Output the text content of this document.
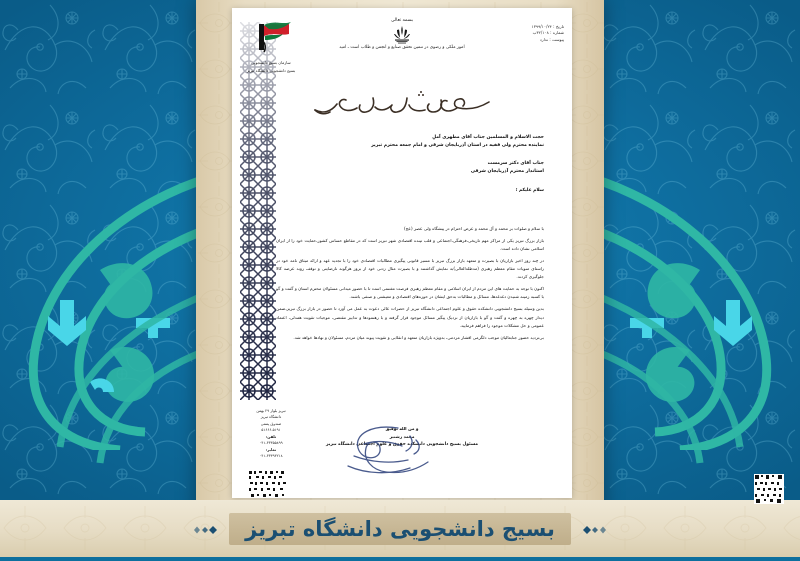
تاریخ : ۱۳۹۹/۱۰/۲۴
شماره : ۳۲/۱۰۸ب
پیوست : ندارد
بسمه تعالی
امور ملکی و رضوی در تنمین تحقق صنایع و انجمن و طلاب است ـ امید
حجت الاسلام و المسلمین جناب آقای مطهری آملِ
نماینده محترم ولی فقیه در استان آذربایجان شرقی و امام جمعه محترم تبریز
جناب آقای دکتر سرمست
استاندار محترم آذربایجان شرقی
سلام علیکم ؛

با سلام و صلوات بر محمد و آل محمد و عرض احترام در پیشگاه ولی عصر (عج)

بازار بزرگ تبریز یکی از مراکز مهم تاریخی،فرهنگی،اجتماعی و قلب تپنده اقتصادی شهر تبریز است که در مقاطع حساس کشور،حمایت خود را از ایران اسلامی نشان داده است.

در چند روز اخیر بازاریان با بصیرت و متعهد بازار بزرگ تبریز با مسیر قانونی پیگیری مطالبات اقتصادی خود را با تجدید عهد و ارائه میثاق نامه خود در راستای منویات مقام معظم رهبری (مدظله‌العالی)به نمایش گذاشتند و با بصیرت مثال زدنی خود از بروز هرگونه نارضایتی و توقف روند عرضه کالا جلوگیری کردند.

اکنون با توجه به حمایت های این مردم از ایران اسلامی و مقام معظم رهبری فرصت مغتنمی است تا با حضور میدانی مسئولان محترم استان و گفت و گو با کسبه زمینه شنیدن دغدغه‌ها، مسائل و مطالبات به‌حق ایشان در حوزه‌های اقتصادی و معیشتی و صنفی باشند.

بدین وسیله بسیج دانشجویی دانشکده حقوق و علوم اجتماعی دانشگاه تبریز از حضرات عالی دعوت به عمل می آورد تا حضور در بازار بزرگ تبریز،ضمن دیدار چهره به چهره و گفت و گو با بازاریان از نزدیک پیگیر مسائل موجود قرار گرفته و با رهنمودها و تدابیر مقتضی، موجبات تقویت همدلی، اعتماد عمومی و حل مشکلات موجود را فراهم فرمایید.

بی‌تردید حضور جنابعالیان موجب دلگرمی اقشار مردمی، به‌ویژه بازاریان متعهد و انقلابی و تقویت پیوند میان مردم، مسئولان و نهادها خواهد شد.

و من الله توفیق
محمد رشتبر
مسئول بسیج دانشجویی دانشکده حقوق و علوم اجتماعی دانشگاه تبریز
سازمان بسیج دانشجویی
بسیج دانشجویی دانشگاه تبریز
تبریز بلوار ۲۹ بهمن
دانشگاه تبریز
صندوق پستی
۵۱۶۶۶-۵۱۹۱
تلفن:
۰۴۱-۳۳۳۵۵۸۹۹
نمابر:
۰۴۱-۳۳۳۹۳۲۱۸
بسیج دانشجویی دانشگاه تبریز
